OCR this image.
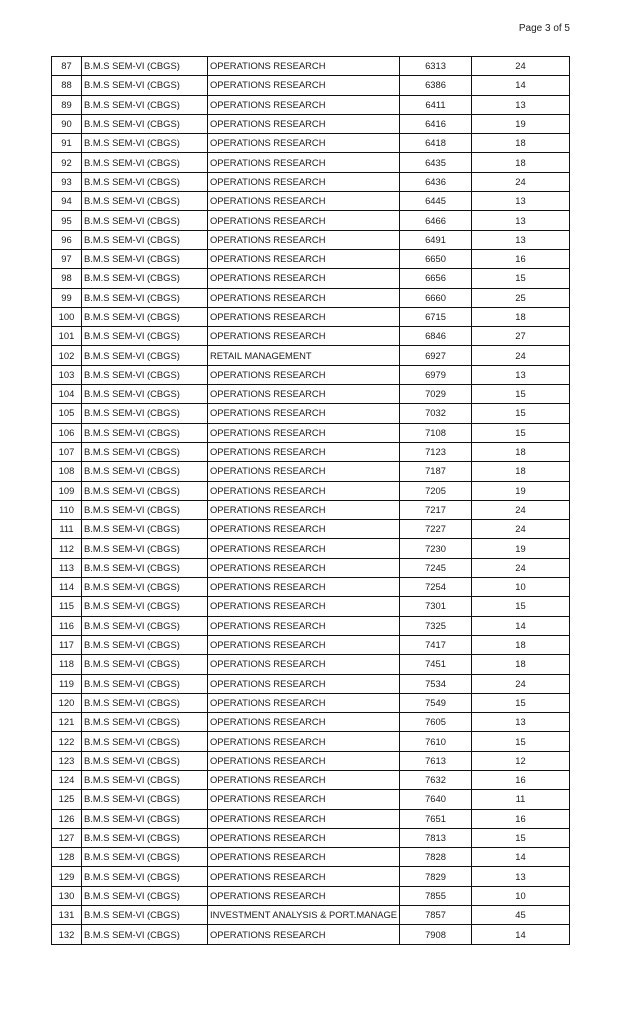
Page 3 of 5
87	B.M.S SEM-VI (CBGS)	OPERATIONS RESEARCH	6313	24
88	B.M.S SEM-VI (CBGS)	OPERATIONS RESEARCH	6386	14
89	B.M.S SEM-VI (CBGS)	OPERATIONS RESEARCH	6411	13
90	B.M.S SEM-VI (CBGS)	OPERATIONS RESEARCH	6416	19
91	B.M.S SEM-VI (CBGS)	OPERATIONS RESEARCH	6418	18
92	B.M.S SEM-VI (CBGS)	OPERATIONS RESEARCH	6435	18
93	B.M.S SEM-VI (CBGS)	OPERATIONS RESEARCH	6436	24
94	B.M.S SEM-VI (CBGS)	OPERATIONS RESEARCH	6445	13
95	B.M.S SEM-VI (CBGS)	OPERATIONS RESEARCH	6466	13
96	B.M.S SEM-VI (CBGS)	OPERATIONS RESEARCH	6491	13
97	B.M.S SEM-VI (CBGS)	OPERATIONS RESEARCH	6650	16
98	B.M.S SEM-VI (CBGS)	OPERATIONS RESEARCH	6656	15
99	B.M.S SEM-VI (CBGS)	OPERATIONS RESEARCH	6660	25
100	B.M.S SEM-VI (CBGS)	OPERATIONS RESEARCH	6715	18
101	B.M.S SEM-VI (CBGS)	OPERATIONS RESEARCH	6846	27
102	B.M.S SEM-VI (CBGS)	RETAIL MANAGEMENT	6927	24
103	B.M.S SEM-VI (CBGS)	OPERATIONS RESEARCH	6979	13
104	B.M.S SEM-VI (CBGS)	OPERATIONS RESEARCH	7029	15
105	B.M.S SEM-VI (CBGS)	OPERATIONS RESEARCH	7032	15
106	B.M.S SEM-VI (CBGS)	OPERATIONS RESEARCH	7108	15
107	B.M.S SEM-VI (CBGS)	OPERATIONS RESEARCH	7123	18
108	B.M.S SEM-VI (CBGS)	OPERATIONS RESEARCH	7187	18
109	B.M.S SEM-VI (CBGS)	OPERATIONS RESEARCH	7205	19
110	B.M.S SEM-VI (CBGS)	OPERATIONS RESEARCH	7217	24
111	B.M.S SEM-VI (CBGS)	OPERATIONS RESEARCH	7227	24
112	B.M.S SEM-VI (CBGS)	OPERATIONS RESEARCH	7230	19
113	B.M.S SEM-VI (CBGS)	OPERATIONS RESEARCH	7245	24
114	B.M.S SEM-VI (CBGS)	OPERATIONS RESEARCH	7254	10
115	B.M.S SEM-VI (CBGS)	OPERATIONS RESEARCH	7301	15
116	B.M.S SEM-VI (CBGS)	OPERATIONS RESEARCH	7325	14
117	B.M.S SEM-VI (CBGS)	OPERATIONS RESEARCH	7417	18
118	B.M.S SEM-VI (CBGS)	OPERATIONS RESEARCH	7451	18
119	B.M.S SEM-VI (CBGS)	OPERATIONS RESEARCH	7534	24
120	B.M.S SEM-VI (CBGS)	OPERATIONS RESEARCH	7549	15
121	B.M.S SEM-VI (CBGS)	OPERATIONS RESEARCH	7605	13
122	B.M.S SEM-VI (CBGS)	OPERATIONS RESEARCH	7610	15
123	B.M.S SEM-VI (CBGS)	OPERATIONS RESEARCH	7613	12
124	B.M.S SEM-VI (CBGS)	OPERATIONS RESEARCH	7632	16
125	B.M.S SEM-VI (CBGS)	OPERATIONS RESEARCH	7640	11
126	B.M.S SEM-VI (CBGS)	OPERATIONS RESEARCH	7651	16
127	B.M.S SEM-VI (CBGS)	OPERATIONS RESEARCH	7813	15
128	B.M.S SEM-VI (CBGS)	OPERATIONS RESEARCH	7828	14
129	B.M.S SEM-VI (CBGS)	OPERATIONS RESEARCH	7829	13
130	B.M.S SEM-VI (CBGS)	OPERATIONS RESEARCH	7855	10
131	B.M.S SEM-VI (CBGS)	INVESTMENT ANALYSIS & PORT.MANAGE	7857	45
132	B.M.S SEM-VI (CBGS)	OPERATIONS RESEARCH	7908	14
